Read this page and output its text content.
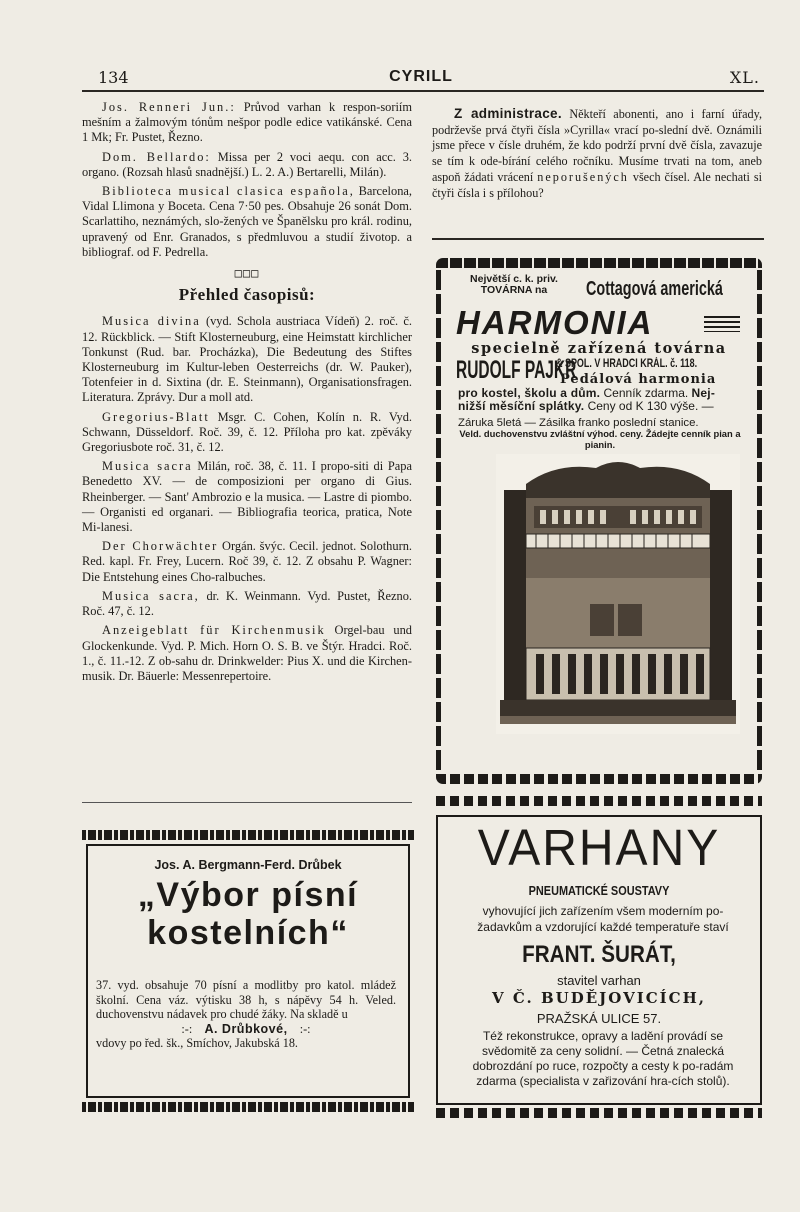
134	CYRILL	XL.

Jos. Renneri Jun.: Průvod varhan k respon-soriím mešním a žalmovým tónům nešpor podle edice vatikánské. Cena 1 Mk; Fr. Pustet, Řezno.

Dom. Bellardo: Missa per 2 voci aequ. con acc. 3. organo. (Rozsah hlasů snadnější.) L. 2. A.) Bertarelli, Milán).

Biblioteca musical clasica española, Barcelona, Vidal Llimona y Boceta. Cena 7·50 pes. Obsahuje 26 sonát Dom. Scarlattiho, neznámých, slo-žených ve Španělsku pro král. rodinu, upravený od Enr. Granados, s předmluvou a studií životop. a bibliograf. od F. Pedrella.

□□□
Přehled časopisů:

Musica divina (vyd. Schola austriaca Vídeň) 2. roč. č. 12. Rückblick. — Stift Klosterneuburg, eine Heimstatt kirchlicher Tonkunst (Rud. bar. Procházka), Die Bedeutung des Stiftes Klosterneuburg im Kultur-leben Oesterreichs (dr. W. Pauker), Totenfeier in d. Sixtina (dr. E. Steinmann), Organisationsfragen. Literatura. Zprávy. Dur a moll atd.

Gregorius-Blatt Msgr. C. Cohen, Kolín n. R. Vyd. Schwann, Düsseldorf. Roč. 39, č. 12. Příloha pro kat. zpěváky Gregoriusbote roč. 31, č. 12.

Musica sacra Milán, roč. 38, č. 11. I propo-siti di Papa Benedetto XV. — de composizioni per organo di Gius. Rheinberger. — Sant' Ambrozio e la musica. — Lastre di piombo. — Organisti ed organari. — Bibliografia teorica, pratica, Note Mi-lanesi.

Der Chorwächter Orgán. švýc. Cecil. jednot. Solothurn. Red. kapl. Fr. Frey, Lucern. Roč 39, č. 12. Z obsahu P. Wagner: Die Entstehung eines Cho-ralbuches.

Musica sacra, dr. K. Weinmann. Vyd. Pustet, Řezno. Roč. 47, č. 12.

Anzeigeblatt für Kirchenmusik Orgel-bau und Glockenkunde. Vyd. P. Mich. Horn O. S. B. ve Štýr. Hradci. Roč. 1., č. 11.-12. Z ob-sahu dr. Drinkwelder: Pius X. und die Kirchen-musik. Dr. Bäuerle: Messenrepertoire.

Z administrace. Někteří abonenti, ano i farní úřady, podrževše prvá čtyři čísla »Cyrilla« vrací po-slední dvě. Oznámili jsme přece v čísle druhém, že kdo podrží první dvě čísla, zavazuje se tím k ode-bírání celého ročníku. Musíme trvati na tom, aneb aspoň žádati vrácení neporušených všech čísel. Ale nechati si čtyři čísla i s přílohou?

Největší c. k. priv.
TOVÁRNA na	Cottagová americká
HARMONIA
specielně zařízená továrna
RUDOLF PAJKR
& SPOL. V HRADCI KRÁL. č. 118.
Pedálová harmonia
pro kostel, školu a dům. Cenník zdarma. Nej-nižší měsíční splátky. Ceny od K 130 výše. —
Záruka 5letá — Zásilka franko poslední stanice.
Veld. duchovenstvu zvláštní výhod. ceny. Žádejte cenník pian a pianin.
VARHANY
PNEUMATICKÉ SOUSTAVY
vyhovující jich zařízením všem moderním po-žadavkům a vzdorující každé temperatuře staví
FRANT. ŠURÁT,
stavitel varhan
V Č. BUDĚJOVICÍCH,
PRAŽSKÁ ULICE 57.
Též rekonstrukce, opravy a ladění provádí se svědomitě za ceny solidní. — Četná znalecká dobrozdání po ruce, rozpočty a cesty k po-radám zdarma (specialista v zařizování hra-cích stolů).
Jos. A. Bergmann-Ferd. Drůbek
„Výbor písní
kostelních“
37. vyd. obsahuje 70 písní a modlitby pro katol. mládež školní. Cena váz. výtisku 38 h, s nápěvy 54 h. Veled. duchovenstvu nádavek pro chudé žáky. Na skladě u
:-: A. Drůbkové, :-:
vdovy po řed. šk., Smíchov, Jakubská 18.
